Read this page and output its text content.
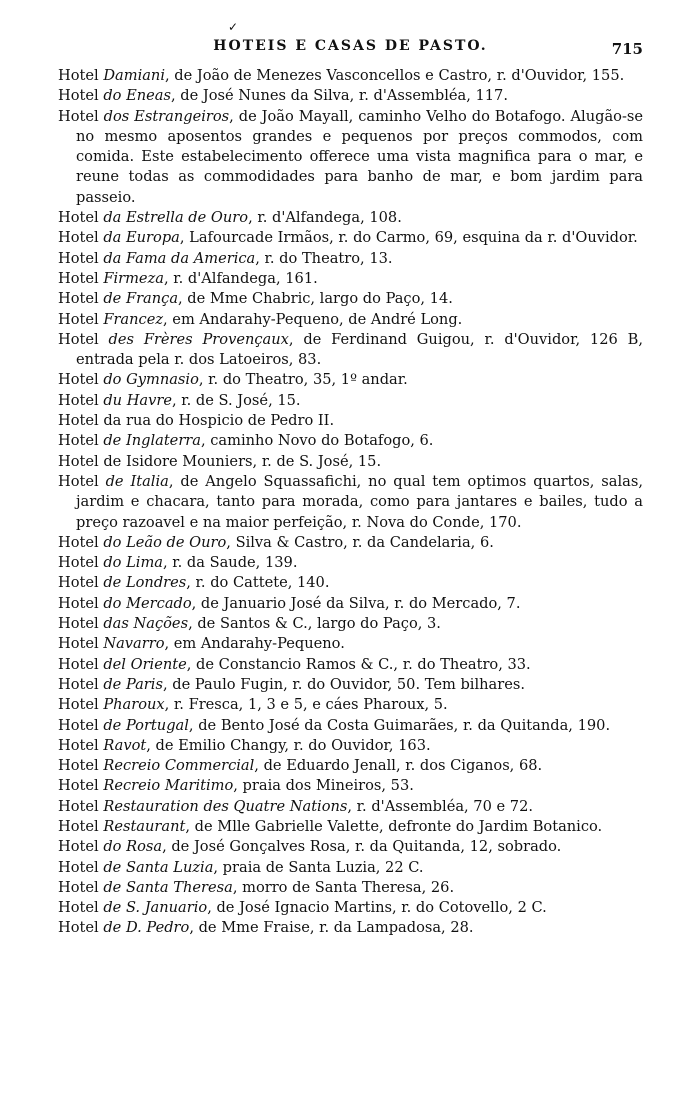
✓
HOTEIS E CASAS DE PASTO.	715
Hotel Damiani, de João de Menezes Vasconcellos e Castro, r. d'Ouvidor, 155.
Hotel do Eneas, de José Nunes da Silva, r. d'Assembléa, 117.
Hotel dos Estrangeiros, de João Mayall, caminho Velho do Botafogo. Alugão-se no mesmo aposentos grandes e pequenos por preços commodos, com comida. Este estabelecimento offerece uma vista magnifica para o mar, e reune todas as commodidades para banho de mar, e bom jardim para passeio.
Hotel da Estrella de Ouro, r. d'Alfandega, 108.
Hotel da Europa, Lafourcade Irmãos, r. do Carmo, 69, esquina da r. d'Ouvidor.
Hotel da Fama da America, r. do Theatro, 13.
Hotel Firmeza, r. d'Alfandega, 161.
Hotel de França, de Mme Chabric, largo do Paço, 14.
Hotel Francez, em Andarahy-Pequeno, de André Long.
Hotel des Frères Provençaux, de Ferdinand Guigou, r. d'Ouvidor, 126 B, entrada pela r. dos Latoeiros, 83.
Hotel do Gymnasio, r. do Theatro, 35, 1º andar.
Hotel du Havre, r. de S. José, 15.
Hotel da rua do Hospicio de Pedro II.
Hotel de Inglaterra, caminho Novo do Botafogo, 6.
Hotel de Isidore Mouniers, r. de S. José, 15.
Hotel de Italia, de Angelo Squassafichi, no qual tem optimos quartos, salas, jardim e chacara, tanto para morada, como para jantares e bailes, tudo a preço razoavel e na maior perfeição, r. Nova do Conde, 170.
Hotel do Leão de Ouro, Silva & Castro, r. da Candelaria, 6.
Hotel do Lima, r. da Saude, 139.
Hotel de Londres, r. do Cattete, 140.
Hotel do Mercado, de Januario José da Silva, r. do Mercado, 7.
Hotel das Nações, de Santos & C., largo do Paço, 3.
Hotel Navarro, em Andarahy-Pequeno.
Hotel del Oriente, de Constancio Ramos & C., r. do Theatro, 33.
Hotel de Paris, de Paulo Fugin, r. do Ouvidor, 50. Tem bilhares.
Hotel Pharoux, r. Fresca, 1, 3 e 5, e cáes Pharoux, 5.
Hotel de Portugal, de Bento José da Costa Guimarães, r. da Quitanda, 190.
Hotel Ravot, de Emilio Changy, r. do Ouvidor, 163.
Hotel Recreio Commercial, de Eduardo Jenall, r. dos Ciganos, 68.
Hotel Recreio Maritimo, praia dos Mineiros, 53.
Hotel Restauration des Quatre Nations, r. d'Assembléa, 70 e 72.
Hotel Restaurant, de Mlle Gabrielle Valette, defronte do Jardim Botanico.
Hotel do Rosa, de José Gonçalves Rosa, r. da Quitanda, 12, sobrado.
Hotel de Santa Luzia, praia de Santa Luzia, 22 C.
Hotel de Santa Theresa, morro de Santa Theresa, 26.
Hotel de S. Januario, de José Ignacio Martins, r. do Cotovello, 2 C.
Hotel de D. Pedro, de Mme Fraise, r. da Lampadosa, 28.
